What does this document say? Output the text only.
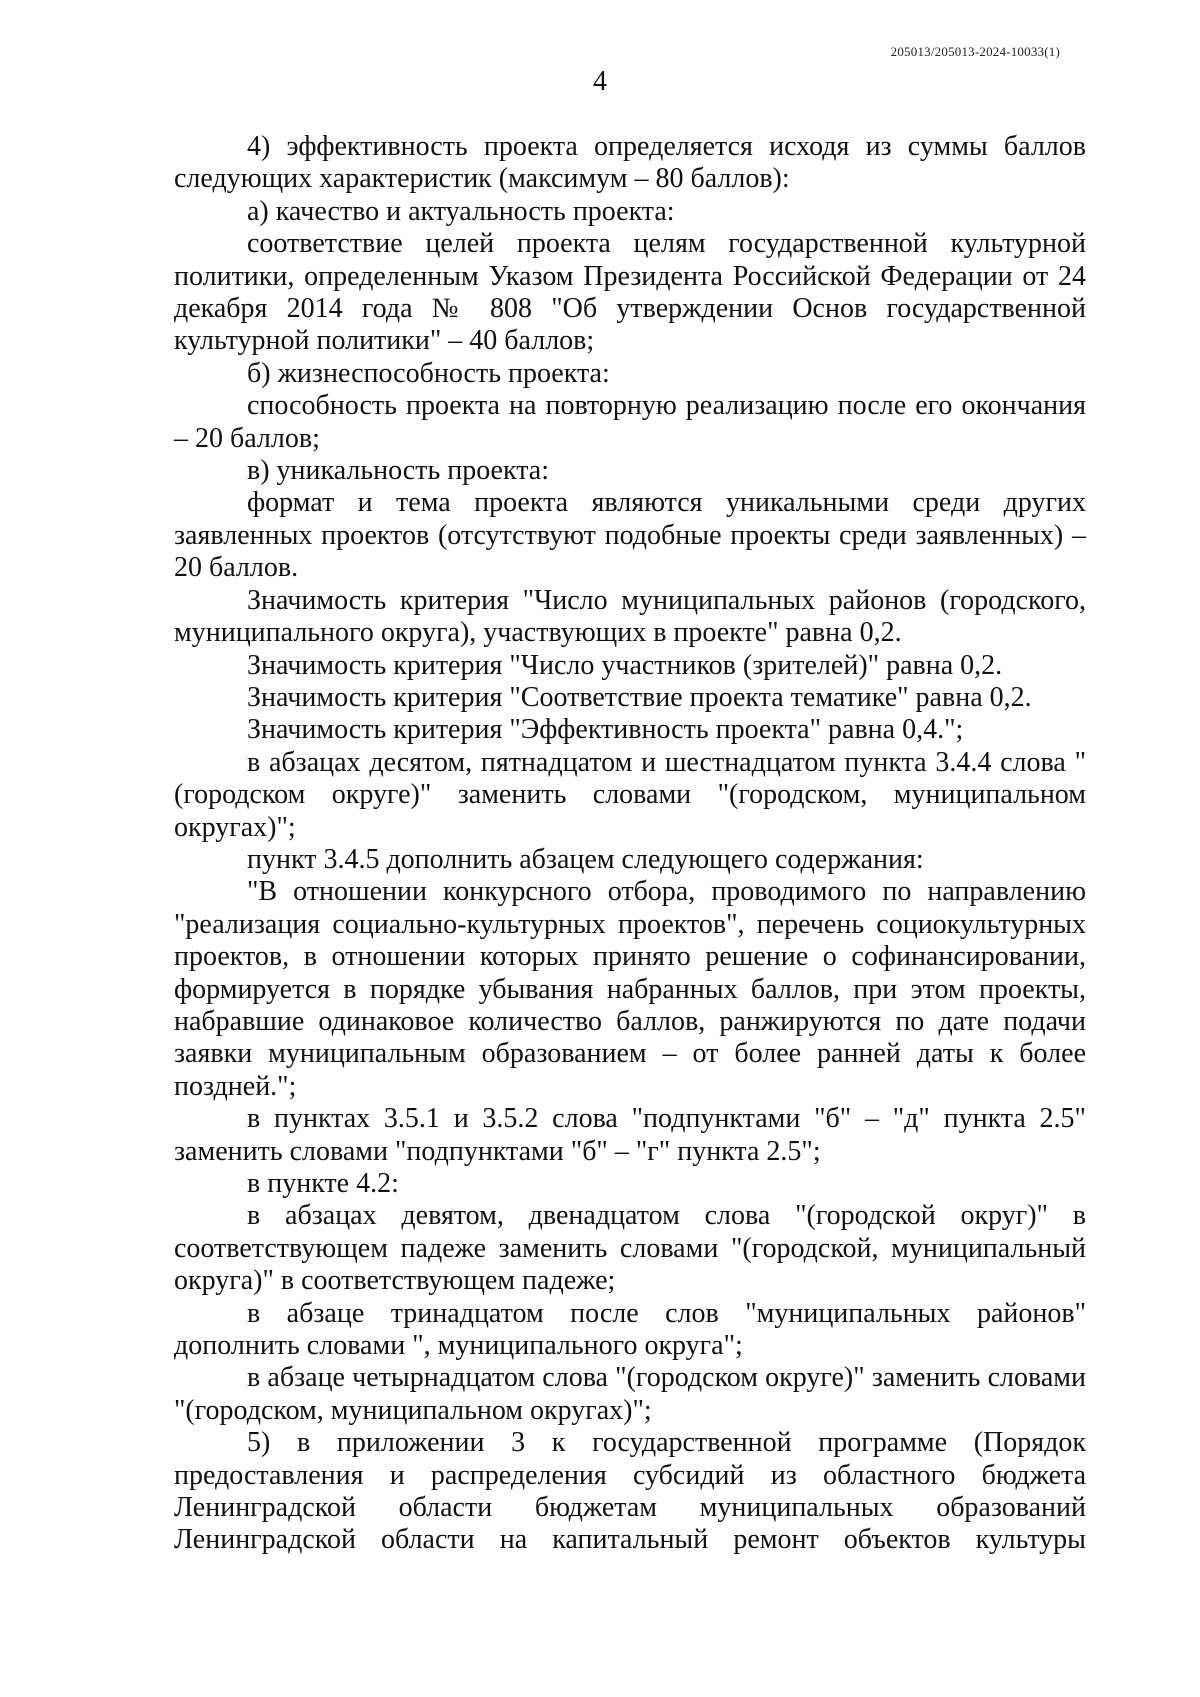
205013/205013-2024-10033(1)
4

4) эффективность проекта определяется исходя из суммы баллов следующих характеристик (максимум – 80 баллов):

а) качество и актуальность проекта:

соответствие целей проекта целям государственной культурной политики, определенным Указом Президента Российской Федерации от 24 декабря 2014 года № 808 "Об утверждении Основ государственной культурной политики" – 40 баллов;

б) жизнеспособность проекта:

способность проекта на повторную реализацию после его окончания – 20 баллов;

в) уникальность проекта:

формат и тема проекта являются уникальными среди других заявленных проектов (отсутствуют подобные проекты среди заявленных) – 20 баллов.

Значимость критерия "Число муниципальных районов (городского, муниципального округа), участвующих в проекте" равна 0,2.

Значимость критерия "Число участников (зрителей)" равна 0,2.

Значимость критерия "Соответствие проекта тематике" равна 0,2.

Значимость критерия "Эффективность проекта" равна 0,4.";

в абзацах десятом, пятнадцатом и шестнадцатом пункта 3.4.4 слова "(городском округе)" заменить словами "(городском, муниципальном округах)";

пункт 3.4.5 дополнить абзацем следующего содержания:

"В отношении конкурсного отбора, проводимого по направлению "реализация социально-культурных проектов", перечень социокультурных проектов, в отношении которых принято решение о софинансировании, формируется в порядке убывания набранных баллов, при этом проекты, набравшие одинаковое количество баллов, ранжируются по дате подачи заявки муниципальным образованием – от более ранней даты к более поздней.";

в пунктах 3.5.1 и 3.5.2 слова "подпунктами "б" – "д" пункта 2.5" заменить словами "подпунктами "б" – "г" пункта 2.5";

в пункте 4.2:

в абзацах девятом, двенадцатом слова "(городской округ)" в соответствующем падеже заменить словами "(городской, муниципальный округа)" в соответствующем падеже;

в абзаце тринадцатом после слов "муниципальных районов" дополнить словами ", муниципального округа";

в абзаце четырнадцатом слова "(городском округе)" заменить словами "(городском, муниципальном округах)";

5) в приложении 3 к государственной программе (Порядок предоставления и распределения субсидий из областного бюджета Ленинградской области бюджетам муниципальных образований Ленинградской области на капитальный ремонт объектов культуры
